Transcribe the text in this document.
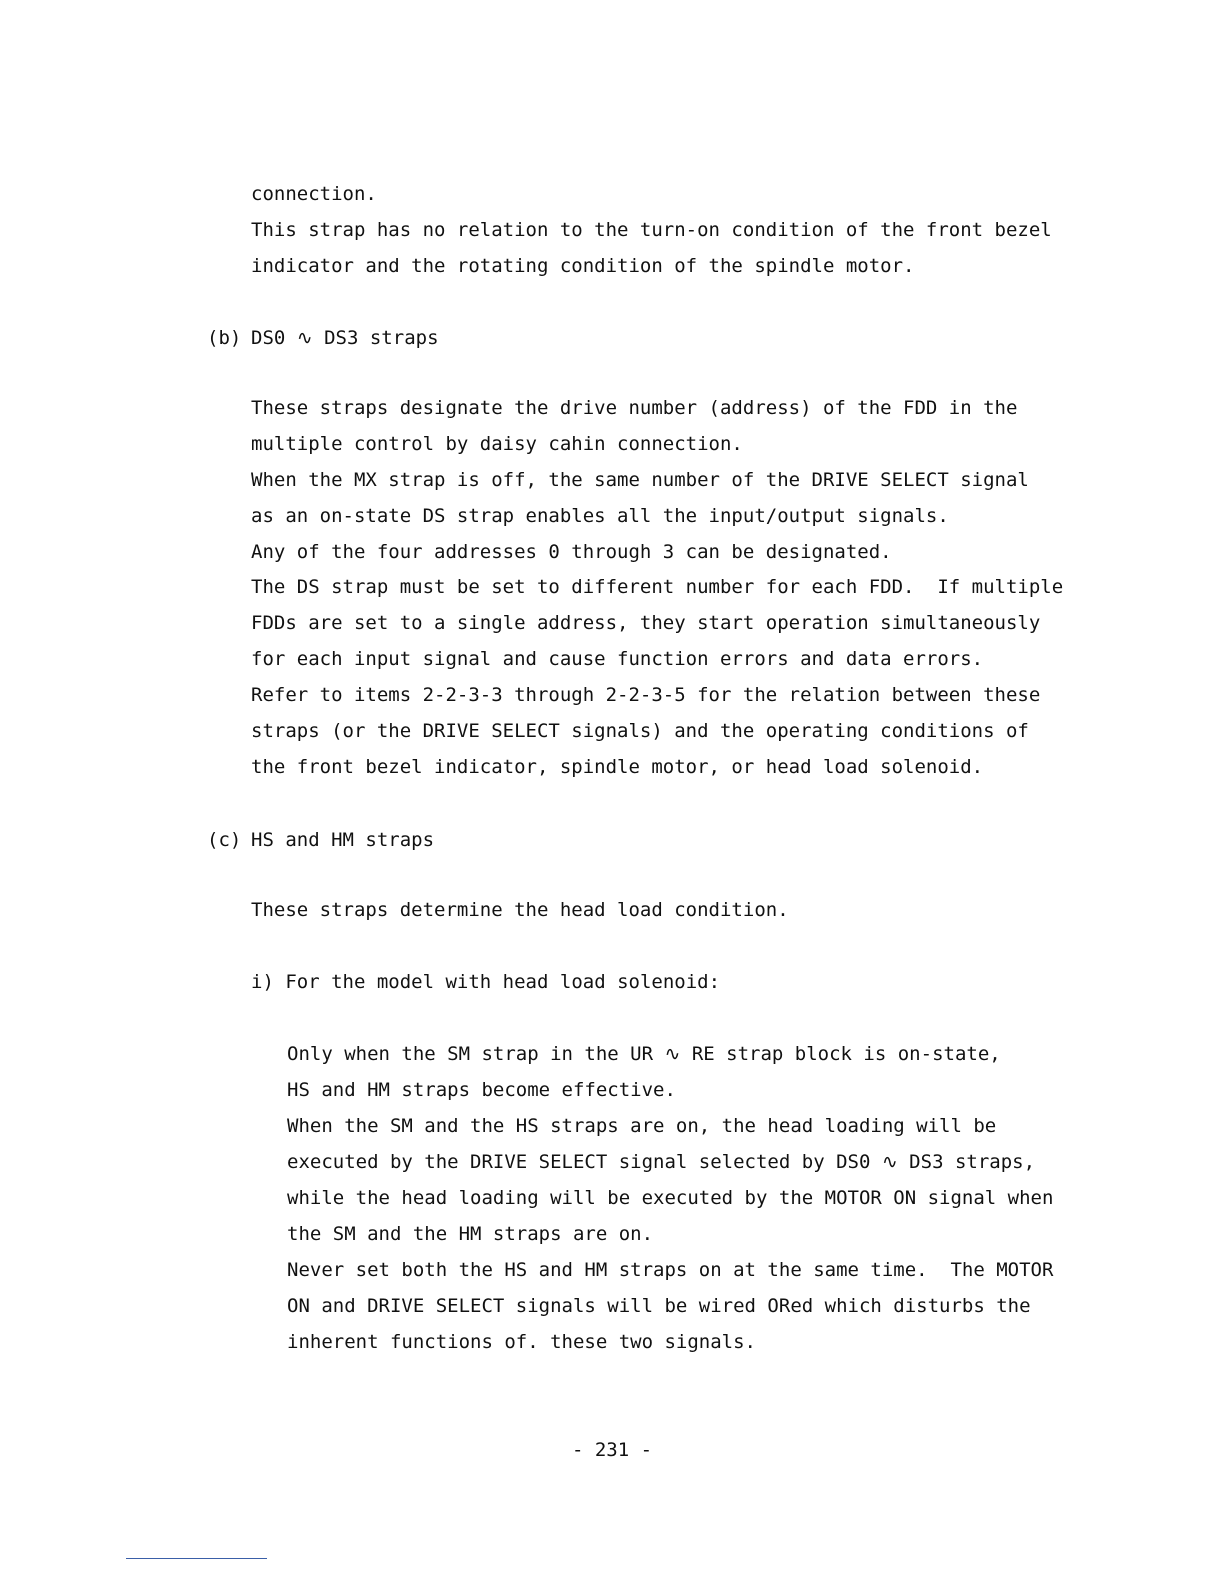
connection.
This strap has no relation to the turn-on condition of the front bezel
indicator and the rotating condition of the spindle motor.
(b) DS0 ∿ DS3 straps
These straps designate the drive number (address) of the FDD in the
multiple control by daisy cahin connection.
When the MX strap is off, the same number of the DRIVE SELECT signal
as an on-state DS strap enables all the input/output signals.
Any of the four addresses 0 through 3 can be designated.
The DS strap must be set to different number for each FDD.  If multiple
FDDs are set to a single address, they start operation simultaneously
for each input signal and cause function errors and data errors.
Refer to items 2-2-3-3 through 2-2-3-5 for the relation between these
straps (or the DRIVE SELECT signals) and the operating conditions of
the front bezel indicator, spindle motor, or head load solenoid.
(c) HS and HM straps
These straps determine the head load condition.
i) For the model with head load solenoid:
Only when the SM strap in the UR ∿ RE strap block is on-state,
HS and HM straps become effective.
When the SM and the HS straps are on, the head loading will be
executed by the DRIVE SELECT signal selected by DS0 ∿ DS3 straps,
while the head loading will be executed by the MOTOR ON signal when
the SM and the HM straps are on.
Never set both the HS and HM straps on at the same time.  The MOTOR
ON and DRIVE SELECT signals will be wired ORed which disturbs the
inherent functions of. these two signals.
- 231 -
